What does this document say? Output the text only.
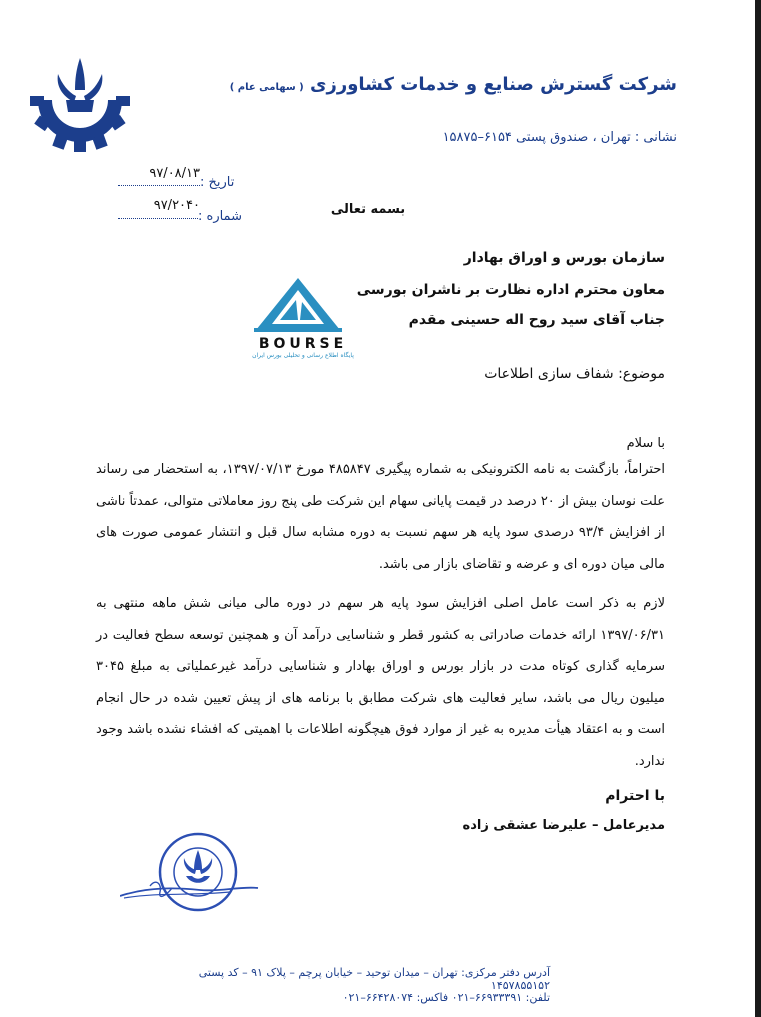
شرکت گسترش صنایع و خدمات کشاورزی ( سهامی عام )
نشانی : تهران ، صندوق پستی ۶۱۵۴–۱۵۸۷۵
تاریخ :
۹۷/۰۸/۱۳
شماره :
۹۷/۲۰۴۰	بسمه تعالی
سازمان بورس و اوراق بهادار
معاون محترم اداره نظارت بر ناشران بورسی
جناب آقای سید روح اله حسینی مقدم
BOURSE
پایگاه اطلاع رسانی و تحلیلی بورس ایران
موضوع: شفاف سازی اطلاعات
با سلام
احتراماً، بازگشت به نامه الکترونیکی به شماره پیگیری ۴۸۵۸۴۷ مورخ ۱۳۹۷/۰۷/۱۳، به استحضار می رساند علت نوسان بیش از ۲۰ درصد در قیمت پایانی سهام این شرکت طی پنج روز معاملاتی متوالی، عمدتاً ناشی از افزایش ۹۳/۴ درصدی سود پایه هر سهم نسبت به دوره مشابه سال قبل و انتشار عمومی صورت های مالی میان دوره ای و عرضه و تقاضای بازار می باشد.
لازم به ذکر است عامل اصلی افزایش سود پایه هر سهم در دوره مالی میانی شش ماهه منتهی به ۱۳۹۷/۰۶/۳۱ ارائه خدمات صادراتی به کشور قطر و شناسایی درآمد آن و همچنین توسعه سطح فعالیت در سرمایه گذاری کوتاه مدت در بازار بورس و اوراق بهادار و شناسایی درآمد غیرعملیاتی به مبلغ ۳۰۴۵ میلیون ریال می باشد، سایر فعالیت های شرکت مطابق با برنامه های از پیش تعیین شده در حال انجام است و به اعتقاد هیأت مدیره به غیر از موارد فوق هیچگونه اطلاعات با اهمیتی که افشاء نشده باشد وجود ندارد.
با احترام
مدیرعامل – علیرضا عشقی زاده
آدرس دفتر مرکزی: تهران – میدان توحید – خیابان پرچم – پلاک ۹۱ – کد پستی ۱۴۵۷۸۵۵۱۵۲
تلفن: ۶۶۹۳۳۳۹۱–۰۲۱ فاکس: ۶۶۴۲۸۰۷۴–۰۲۱
